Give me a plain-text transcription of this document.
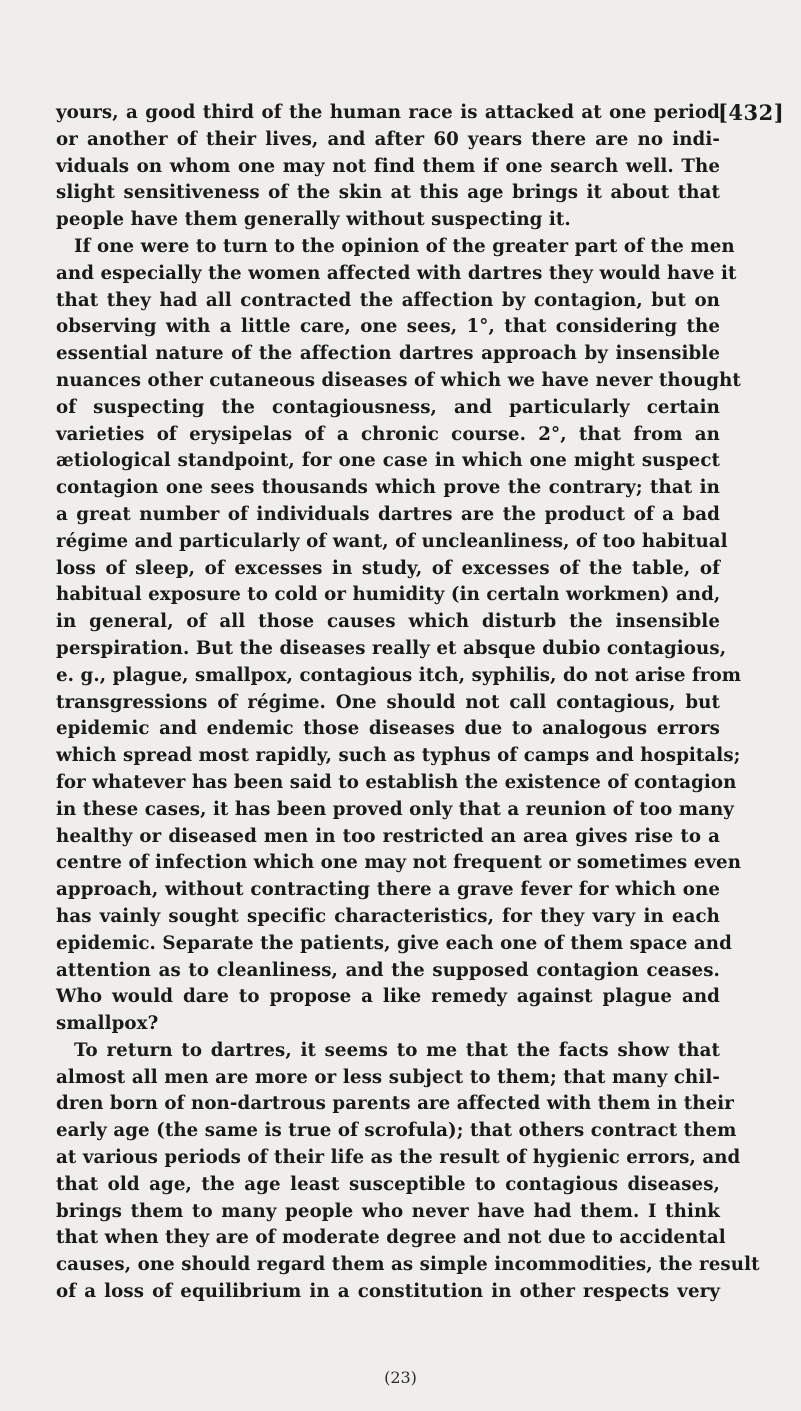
[432]
yours, a good third of the human race is attacked at one period
or another of their lives, and after 60 years there are no indi-
viduals on whom one may not find them if one search well. The
slight sensitiveness of the skin at this age brings it about that
people have them generally without suspecting it.
If one were to turn to the opinion of the greater part of the men
and especially the women affected with dartres they would have it
that they had all contracted the affection by contagion, but on
observing with a little care, one sees, 1°, that considering the
essential nature of the affection dartres approach by insensible
nuances other cutaneous diseases of which we have never thought
of suspecting the contagiousness, and particularly certain
varieties of erysipelas of a chronic course. 2°, that from an
ætiological standpoint, for one case in which one might suspect
contagion one sees thousands which prove the contrary; that in
a great number of individuals dartres are the product of a bad
régime and particularly of want, of uncleanliness, of too habitual
loss of sleep, of excesses in study, of excesses of the table, of
habitual exposure to cold or humidity (in certaln workmen) and,
in general, of all those causes which disturb the insensible
perspiration. But the diseases really et absque dubio contagious,
e. g., plague, smallpox, contagious itch, syphilis, do not arise from
transgressions of régime. One should not call contagious, but
epidemic and endemic those diseases due to analogous errors
which spread most rapidly, such as typhus of camps and hospitals;
for whatever has been said to establish the existence of contagion
in these cases, it has been proved only that a reunion of too many
healthy or diseased men in too restricted an area gives rise to a
centre of infection which one may not frequent or sometimes even
approach, without contracting there a grave fever for which one
has vainly sought specific characteristics, for they vary in each
epidemic. Separate the patients, give each one of them space and
attention as to cleanliness, and the supposed contagion ceases.
Who would dare to propose a like remedy against plague and
smallpox?
To return to dartres, it seems to me that the facts show that
almost all men are more or less subject to them; that many chil-
dren born of non-dartrous parents are affected with them in their
early age (the same is true of scrofula); that others contract them
at various periods of their life as the result of hygienic errors, and
that old age, the age least susceptible to contagious diseases,
brings them to many people who never have had them. I think
that when they are of moderate degree and not due to accidental
causes, one should regard them as simple incommodities, the result
of a loss of equilibrium in a constitution in other respects very
(23)
